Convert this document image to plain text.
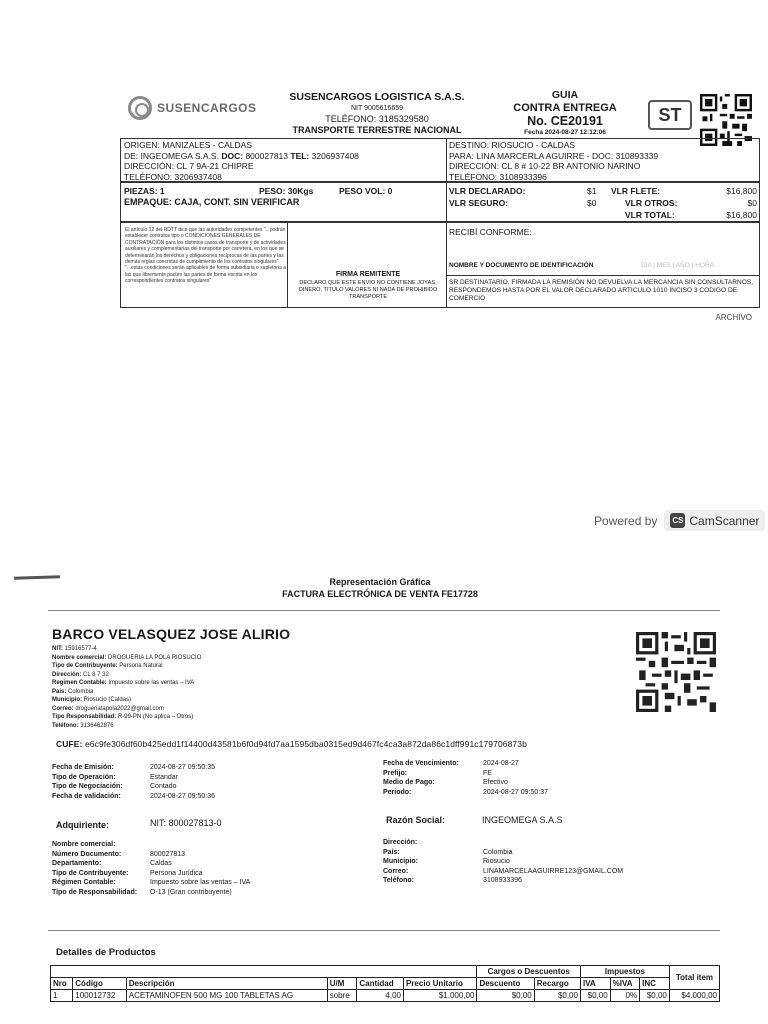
SUSENCARGOS
SUSENCARGOS LOGISTICA S.A.S.
NIT 9005616659
TELÉFONO: 3185329580
TRANSPORTE TERRESTRE NACIONAL
GUIA
CONTRA ENTREGA
No. CE20191
Fecha 2024-08-27 12:12:06
ST
ORIGEN: MANIZALES - CALDAS
DE: INGEOMEGA S.A.S. DOC: 800027813 TEL: 3206937408
DIRECCIÓN: CL 7 9A-21 CHIPRE
TELÉFONO: 3206937408
DESTINO: RIOSUCIO - CALDAS
PARA: LINA MARCERLA AGUIRRE - DOC: 310893339
DIRECCIÓN: CL 8 # 10-22 BR ANTONIO NARINO
TELÉFONO: 3108933396
PIEZAS: 1	PESO: 30Kgs	PESO VOL: 0
EMPAQUE: CAJA, CONT. SIN VERIFICAR
VLR DECLARADO:	$1
VLR SEGURO:	$0
VLR FLETE:	$16,800
VLR OTROS:	$0
VLR TOTAL:	$16,800
El artículo 12 del RDTT dice que las autoridades competentes "...podrán establecer contratos tipo o CONDICIONES GENERALES DE CONTRATACIÓN para los distintos casos de transporte y de actividades auxiliares y complementarias del transporte por carretera, en los que se determinarán los derechos y obligaciones recíprocas de las partes y las demás reglas concretas de cumplimiento de los contratos singulares". "...estas condiciones serán aplicables de forma subsidiaria o supletoria a las que libremente pacten las partes de forma escrita en los correspondientes contratos singulares"
FIRMA REMITENTE
DECLARO QUE ESTE ENVIO NO CONTIENE JOYAS, DINERO, TITULO VALORES NI NADA DE PROHIBIDO TRANSPORTE
RECIBÍ CONFORME:
NOMBRE Y DOCUMENTO DE IDENTIFICACIÓN	DIA | MES | AÑO | HORA
SR DESTINATARIO, FIRMADA LA REMISIÓN NO DEVUELVA LA MERCANCIA SIN CONSULTARNOS, RESPONDEMOS HASTA POR EL VALOR DECLARADO ARTICULO 1010 INCISO 3 CODIGO DE COMERCIO
ARCHIVO
Powered by CS CamScanner
Representación Gráfica
FACTURA ELECTRÓNICA DE VENTA FE17728
BARCO VELASQUEZ JOSE ALIRIO
NIT: 15916577-4
Nombre comercial: DROGUERIA LA POLA RIOSUCIO
Tipo de Contribuyente: Persona Natural
Dirección: CL 8 7 32
Regimen Contable: Impuesto sobre las ventas – IVA
País: Colombia
Municipio: Riosucio (Caldas)
Correo: drogueriatapola2022@gmail.com
Tipo Responsabilidad: R-99-PN (No aplica – Otros)
Teléfono: 3136462876
CUFE: e6c9fe306df60b425edd1f14400d43581b6f0d94fd7aa1595dba0315ed9d467fc4ca3a872da86c1dff991c179706873b
Fecha de Emisión:	2024-08-27 09:50:35
Tipo de Operación:	Estandar
Tipo de Negociación:	Contado
Fecha de validación:	2024-08-27 09:50:36
Fecha de Vencimiento:	2024-08-27
Prefijo:	FE
Medio de Pago:	Efectivo
Periodo:	2024-08-27 09:50:37
Adquiriente:	NIT: 800027813-0	Razón Social:	INGEOMEGA S.A.S
Nombre comercial:
Número Documento:	800027813
Departamento:	Caldas
Tipo de Contribuyente:	Persona Jurídica
Régimen Contable:	Impuesto sobre las ventas – IVA
Tipo de Responsabilidad:	O-13 (Gran contribuyente)
Dirección:
País:	Colombia
Municipio:	Riosucio
Correo:	LINAMARCELAAGUIRRE123@GMAIL.COM
Teléfono:	3108933396
Detalles de Productos
						Cargos o Descuentos		Impuestos			Total item
Nro	Código	Descripción	U/M	Cantidad	Precio Unitario	Descuento	Recargo	IVA	%IVA	INC	
1	100012732	ACETAMINOFEN 500 MG 100 TABLETAS AG	sobre	4,00	$1.000,00	$0,00	$0,00	$0,00	0%	$0,00	$4.000,00
